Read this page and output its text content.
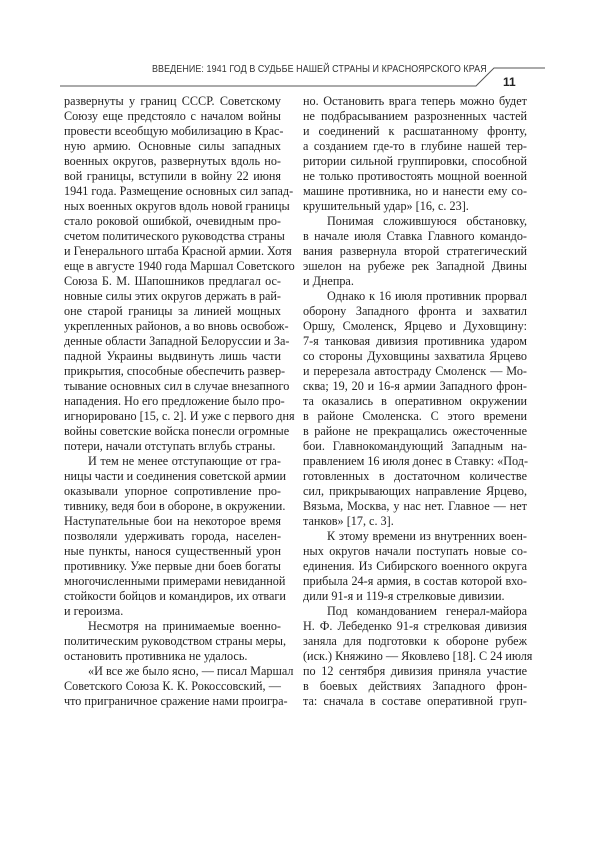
ВВЕДЕНИЕ: 1941 ГОД В СУДЬБЕ НАШЕЙ СТРАНЫ И КРАСНОЯРСКОГО КРАЯ
11
развернуты у границ СССР. Советскому
Союзу еще предстояло с началом войны
провести всеобщую мобилизацию в Крас-
ную армию. Основные силы западных
военных округов, развернутых вдоль но-
вой границы, вступили в войну 22 июня
1941 года. Размещение основных сил запад-
ных военных округов вдоль новой границы
стало роковой ошибкой, очевидным про-
счетом политического руководства страны
и Генерального штаба Красной армии. Хотя
еще в августе 1940 года Маршал Советского
Союза Б. М. Шапошников предлагал ос-
новные силы этих округов держать в рай-
оне старой границы за линией мощных
укрепленных районов, а во вновь освобож-
денные области Западной Белоруссии и За-
падной Украины выдвинуть лишь части
прикрытия, способные обеспечить развер-
тывание основных сил в случае внезапного
нападения. Но его предложение было про-
игнорировано [15, с. 2]. И уже с первого дня
войны советские войска понесли огромные
потери, начали отступать вглубь страны.
И тем не менее отступающие от гра-
ницы части и соединения советской армии
оказывали упорное сопротивление про-
тивнику, ведя бои в обороне, в окружении.
Наступательные бои на некоторое время
позволяли удерживать города, населен-
ные пункты, нанося существенный урон
противнику. Уже первые дни боев богаты
многочисленными примерами невиданной
стойкости бойцов и командиров, их отваги
и героизма.
Несмотря на принимаемые военно-
политическим руководством страны меры,
остановить противника не удалось.
«И все же было ясно, — писал Маршал
Советского Союза К. К. Рокоссовский, —
что приграничное сражение нами проигра-
но. Остановить врага теперь можно будет
не подбрасыванием разрозненных частей
и соединений к расшатанному фронту,
а созданием где-то в глубине нашей тер-
ритории сильной группировки, способной
не только противостоять мощной военной
машине противника, но и нанести ему со-
крушительный удар» [16, с. 23].
Понимая сложившуюся обстановку,
в начале июля Ставка Главного командо-
вания развернула второй стратегический
эшелон на рубеже рек Западной Двины
и Днепра.
Однако к 16 июля противник прорвал
оборону Западного фронта и захватил
Оршу, Смоленск, Ярцево и Духовщину:
7-я танковая дивизия противника ударом
со стороны Духовщины захватила Ярцево
и перерезала автостраду Смоленск — Мо-
сква; 19, 20 и 16-я армии Западного фрон-
та оказались в оперативном окружении
в районе Смоленска. С этого времени
в районе не прекращались ожесточенные
бои. Главнокомандующий Западным на-
правлением 16 июля донес в Ставку: «Под-
готовленных в достаточном количестве
сил, прикрывающих направление Ярцево,
Вязьма, Москва, у нас нет. Главное — нет
танков» [17, с. 3].
К этому времени из внутренних воен-
ных округов начали поступать новые со-
единения. Из Сибирского военного округа
прибыла 24-я армия, в состав которой вхо-
дили 91-я и 119-я стрелковые дивизии.
Под командованием генерал-майора
Н. Ф. Лебеденко 91-я стрелковая дивизия
заняла для подготовки к обороне рубеж
(иск.) Княжино — Яковлево [18]. С 24 июля
по 12 сентября дивизия приняла участие
в боевых действиях Западного фрон-
та: сначала в составе оперативной груп-
